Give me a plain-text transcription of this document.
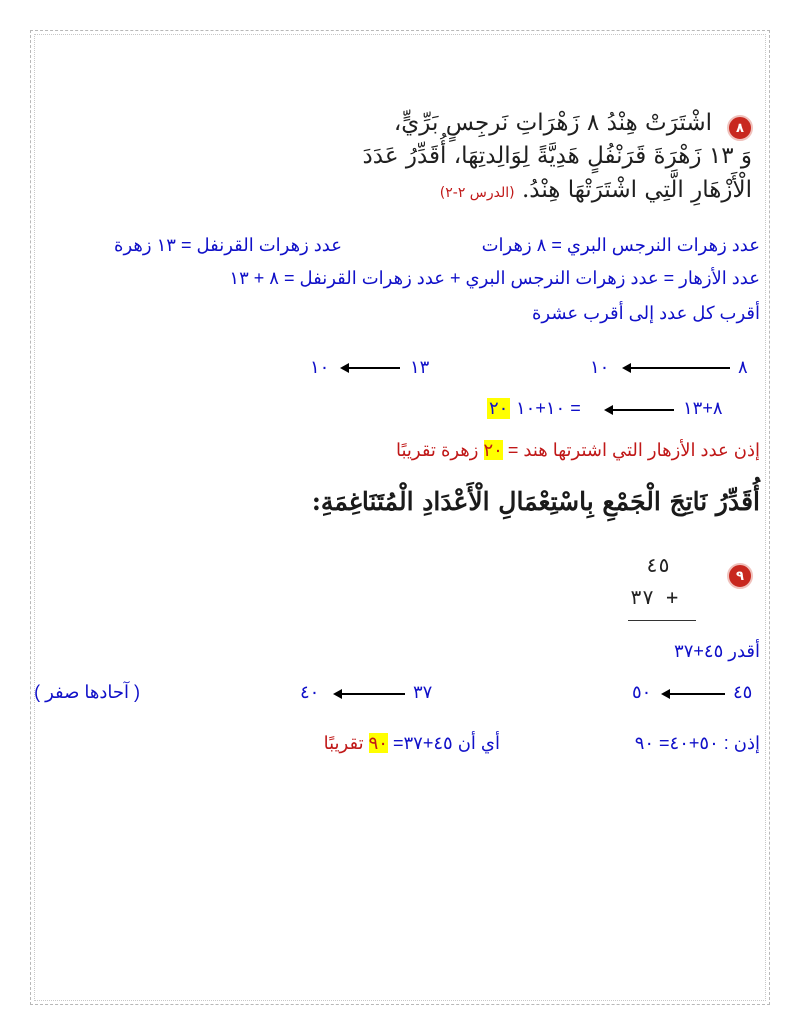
٨
اشْتَرَتْ هِنْدُ ٨ زَهْرَاتِ نَرجِسٍ بَرِّيٍّ،
وَ ١٣ زَهْرَةَ قَرَنْفُلٍ هَدِيَّةً لِوَالِدتِهَا، أُقَدِّرُ عَدَدَ
الْأَزْهَارِ الَّتِي اشْتَرَتْهَا هِنْدُ. (الدرس ٢-٢)
عدد زهرات النرجس البري = ٨ زهرات
عدد زهرات القرنفل = ١٣ زهرة
عدد الأزهار = عدد زهرات النرجس البري + عدد زهرات القرنفل = ٨ + ١٣
أقرب كل عدد إلى أقرب عشرة
٨
١٠
١٣
١٠
٨+١٣
١٠+١٠ =
٢٠
إذن عدد الأزهار التي اشترتها هند = ٢٠ زهرة تقريبًا
أُقَدِّرُ نَاتِجَ الْجَمْعِ بِاسْتِعْمَالِ الْأَعْدَادِ الْمُتَنَاغِمَةِ:
٩
٤٥
٣٧ +
أقدر ٤٥+٣٧
٤٥
٥٠
٣٧
٤٠
( آحادها صفر )
إذن : ٥٠+٤٠= ٩٠
أي أن ٤٥+٣٧= ٩٠ تقريبًا
